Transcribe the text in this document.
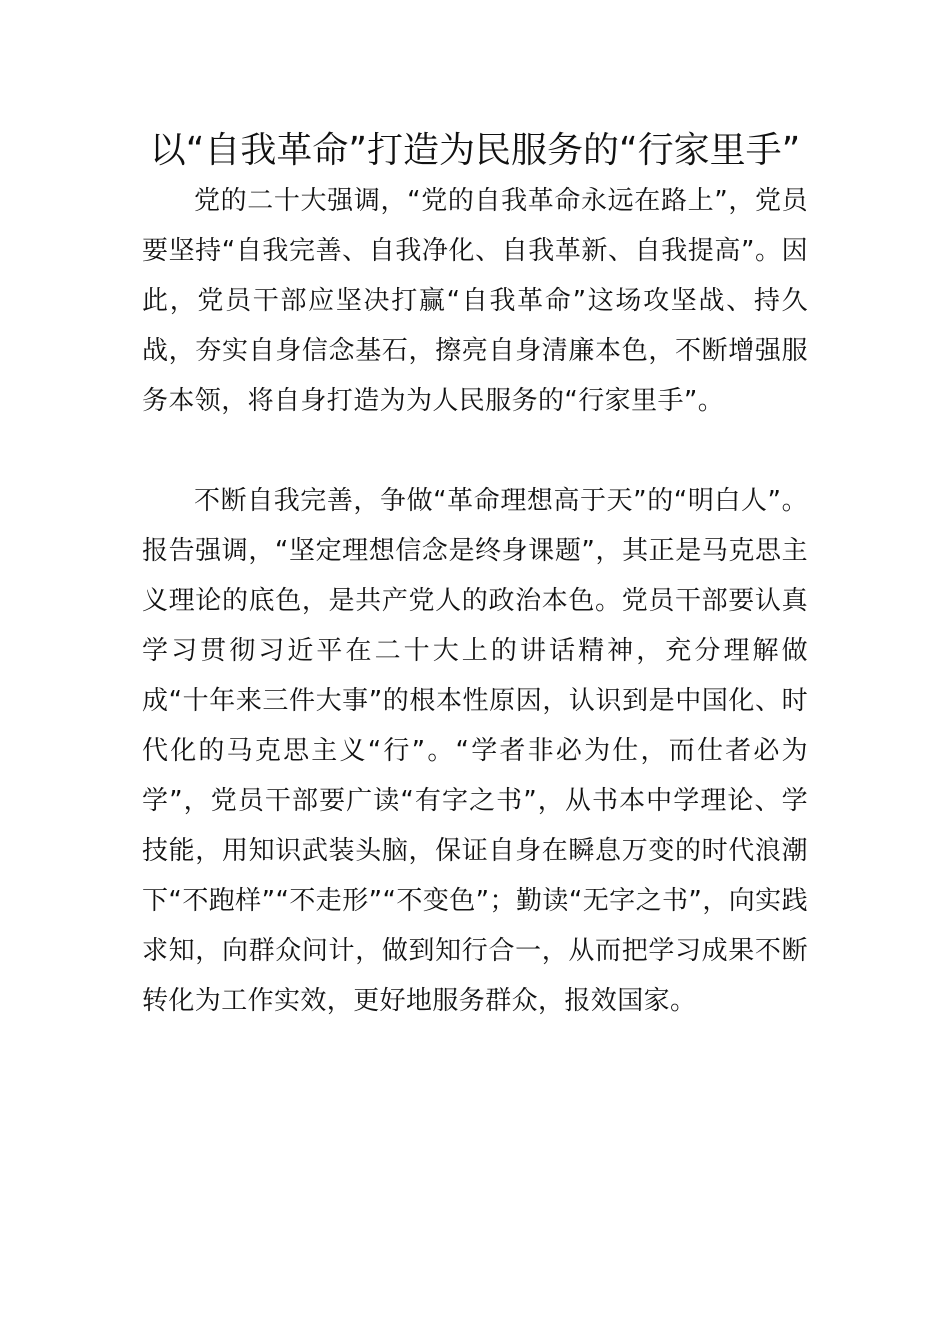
以“自我革命”打造为民服务的“行家里手”

党的二十大强调，“党的自我革命永远在路上”，党员要坚持“自我完善、自我净化、自我革新、自我提高”。因此，党员干部应坚决打赢“自我革命”这场攻坚战、持久战，夯实自身信念基石，擦亮自身清廉本色，不断增强服务本领，将自身打造为为人民服务的“行家里手”。

不断自我完善，争做“革命理想高于天”的“明白人”。报告强调，“坚定理想信念是终身课题”，其正是马克思主义理论的底色，是共产党人的政治本色。党员干部要认真学习贯彻习近平在二十大上的讲话精神，充分理解做成“十年来三件大事”的根本性原因，认识到是中国化、时代化的马克思主义“行”。“学者非必为仕，而仕者必为学”，党员干部要广读“有字之书”，从书本中学理论、学技能，用知识武装头脑，保证自身在瞬息万变的时代浪潮下“不跑样”“不走形”“不变色”；勤读“无字之书”，向实践求知，向群众问计，做到知行合一，从而把学习成果不断转化为工作实效，更好地服务群众，报效国家。
